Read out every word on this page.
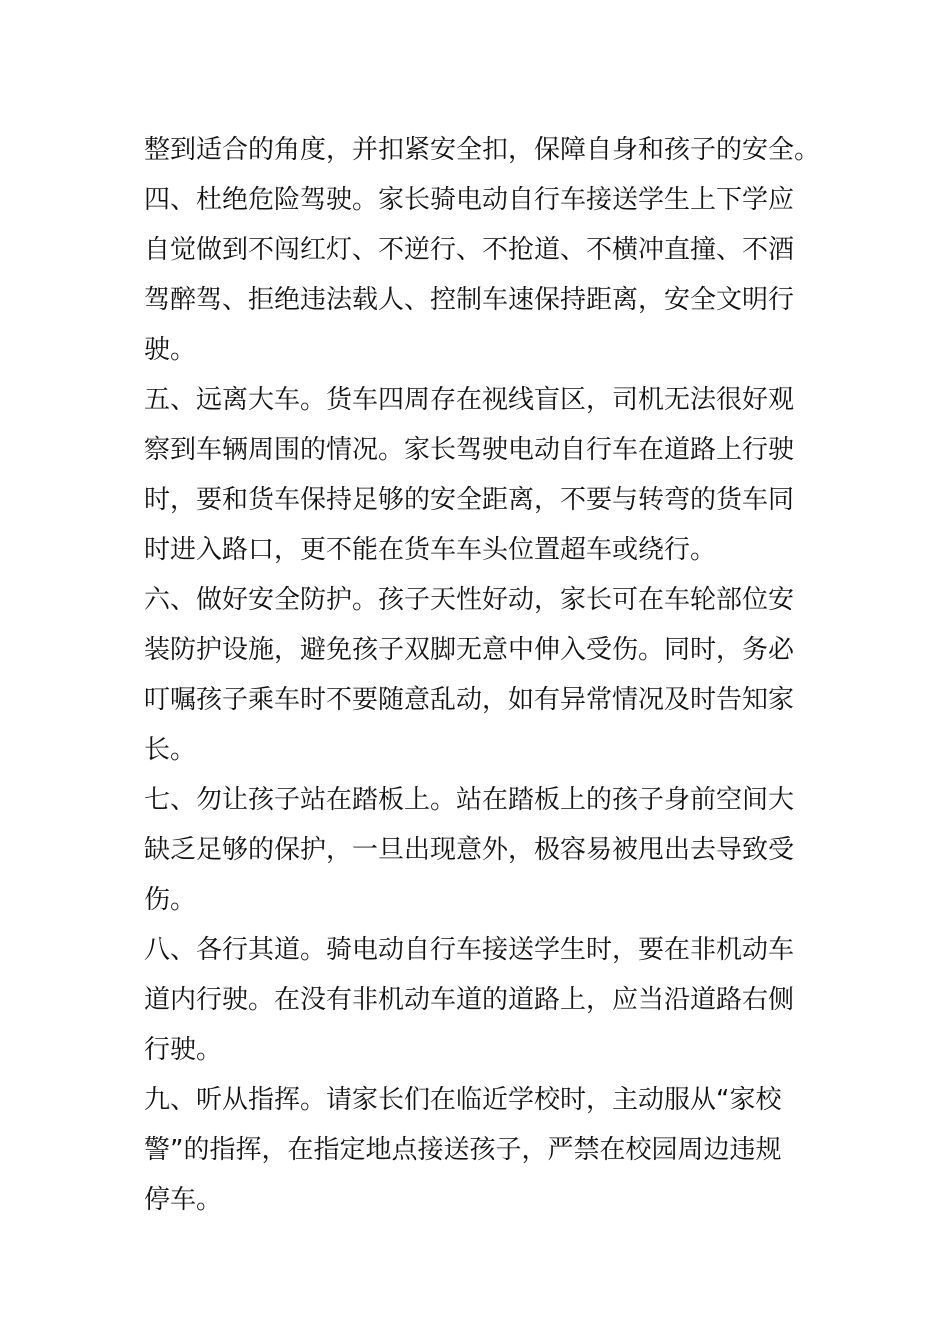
整到适合的角度，并扣紧安全扣，保障自身和孩子的安全。
四、杜绝危险驾驶。家长骑电动自行车接送学生上下学应
自觉做到不闯红灯、不逆行、不抢道、不横冲直撞、不酒
驾醉驾、拒绝违法载人、控制车速保持距离，安全文明行
驶。
五、远离大车。货车四周存在视线盲区，司机无法很好观
察到车辆周围的情况。家长驾驶电动自行车在道路上行驶
时，要和货车保持足够的安全距离，不要与转弯的货车同
时进入路口，更不能在货车车头位置超车或绕行。
六、做好安全防护。孩子天性好动，家长可在车轮部位安
装防护设施，避免孩子双脚无意中伸入受伤。同时，务必
叮嘱孩子乘车时不要随意乱动，如有异常情况及时告知家
长。
七、勿让孩子站在踏板上。站在踏板上的孩子身前空间大
缺乏足够的保护，一旦出现意外，极容易被甩出去导致受
伤。
八、各行其道。骑电动自行车接送学生时，要在非机动车
道内行驶。在没有非机动车道的道路上，应当沿道路右侧
行驶。
九、听从指挥。请家长们在临近学校时，主动服从“家校
警”的指挥，在指定地点接送孩子，严禁在校园周边违规
停车。
